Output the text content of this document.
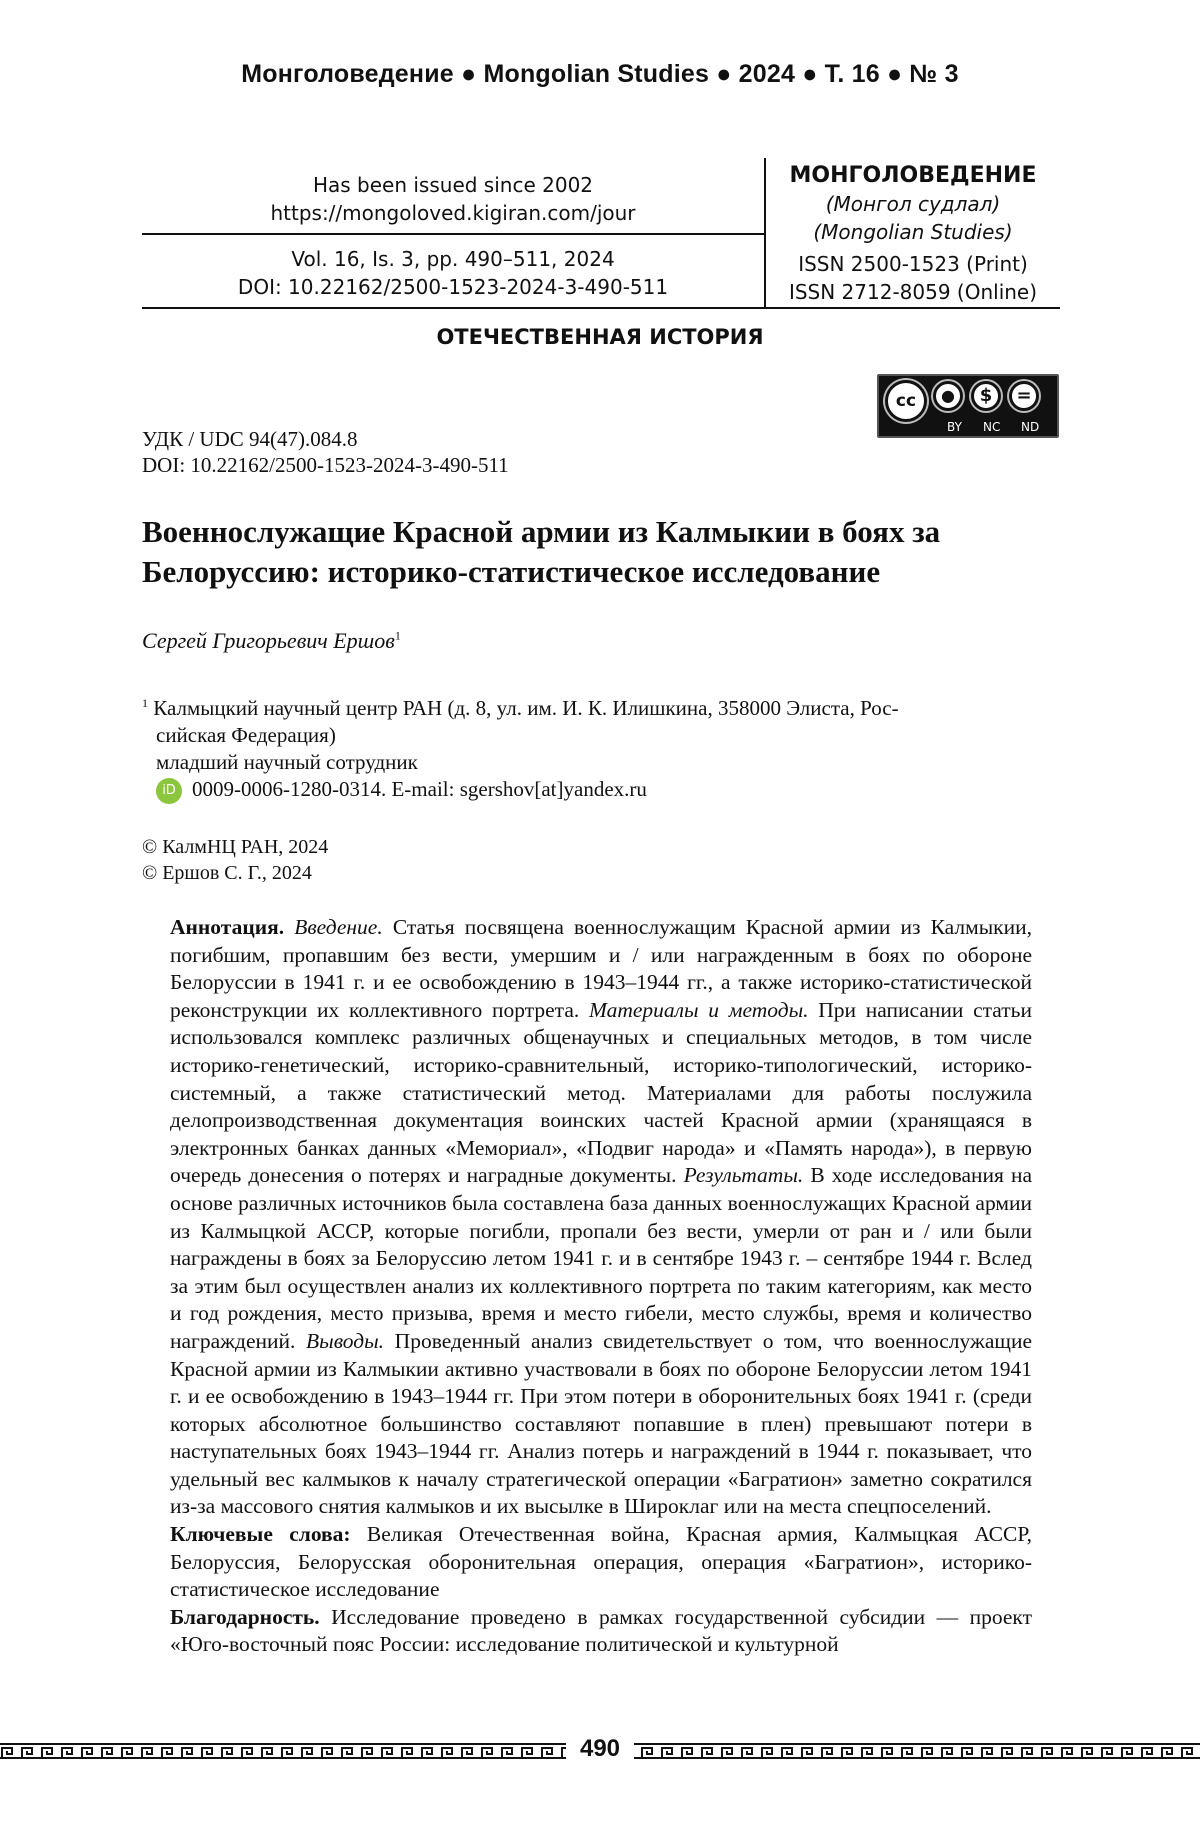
Монголоведение ● Mongolian Studies ● 2024 ● Т. 16 ● № 3
Has been issued since 2002
https://mongoloved.kigiran.com/jour
Vol. 16, Is. 3, pp. 490–511, 2024
DOI: 10.22162/2500-1523-2024-3-490-511
МОНГОЛОВЕДЕНИЕ
(Монгол судлал)
(Mongolian Studies)
ISSN 2500-1523 (Print)
ISSN 2712-8059 (Online)
ОТЕЧЕСТВЕННАЯ ИСТОРИЯ
cc	●	$	=
BY NC ND
УДК / UDC 94(47).084.8
DOI: 10.22162/2500-1523-2024-3-490-511
Военнослужащие Красной армии из Калмыкии в боях за
Белоруссию: историко-статистическое исследование
Сергей Григорьевич Ершов$^1$
$^1$ Калмыцкий научный центр РАН (д. 8, ул. им. И. К. Илишкина, 358000 Элиста, Рос-
сийская Федерация)
младший научный сотрудник
iD 0009-0006-1280-0314. E-mail: sgershov[at]yandex.ru
© КалмНЦ РАН, 2024
© Ершов С. Г., 2024

Аннотация. Введение. Статья посвящена военнослужащим Красной армии из Калмыкии, погибшим, пропавшим без вести, умершим и / или награжденным в боях по обороне Белоруссии в 1941 г. и ее освобождению в 1943–1944 гг., а также историко-статистической реконструкции их коллективного портрета. Материалы и методы. При написании статьи использовался комплекс различных общенаучных и специальных методов, в том числе историко-генетический, историко-сравнительный, историко-типологический, историко-системный, а также статистический метод. Материалами для работы послужила делопроизводственная документация воинских частей Красной армии (хранящаяся в электронных банках данных «Мемориал», «Подвиг народа» и «Память народа»), в первую очередь донесения о потерях и наградные документы. Результаты. В ходе исследования на основе различных источников была составлена база данных военнослужащих Красной армии из Калмыцкой АССР, которые погибли, пропали без вести, умерли от ран и / или были награждены в боях за Белоруссию летом 1941 г. и в сентябре 1943 г. – сентябре 1944 г. Вслед за этим был осуществлен анализ их коллективного портрета по таким категориям, как место и год рождения, место призыва, время и место гибели, место службы, время и количество награждений. Выводы. Проведенный анализ свидетельствует о том, что военнослужащие Красной армии из Калмыкии активно участвовали в боях по обороне Белоруссии летом 1941 г. и ее освобождению в 1943–1944 гг. При этом потери в оборонительных боях 1941 г. (среди которых абсолютное большинство составляют попавшие в плен) превышают потери в наступательных боях 1943–1944 гг. Анализ потерь и награждений в 1944 г. показывает, что удельный вес калмыков к началу стратегической операции «Багратион» заметно сократился из-за массового снятия калмыков и их высылке в Широклаг или на места спецпоселений.

Ключевые слова: Великая Отечественная война, Красная армия, Калмыцкая АССР, Белоруссия, Белорусская оборонительная операция, операция «Багратион», историко-статистическое исследование

Благодарность. Исследование проведено в рамках государственной субсидии — проект «Юго-восточный пояс России: исследование политической и культурной

490
